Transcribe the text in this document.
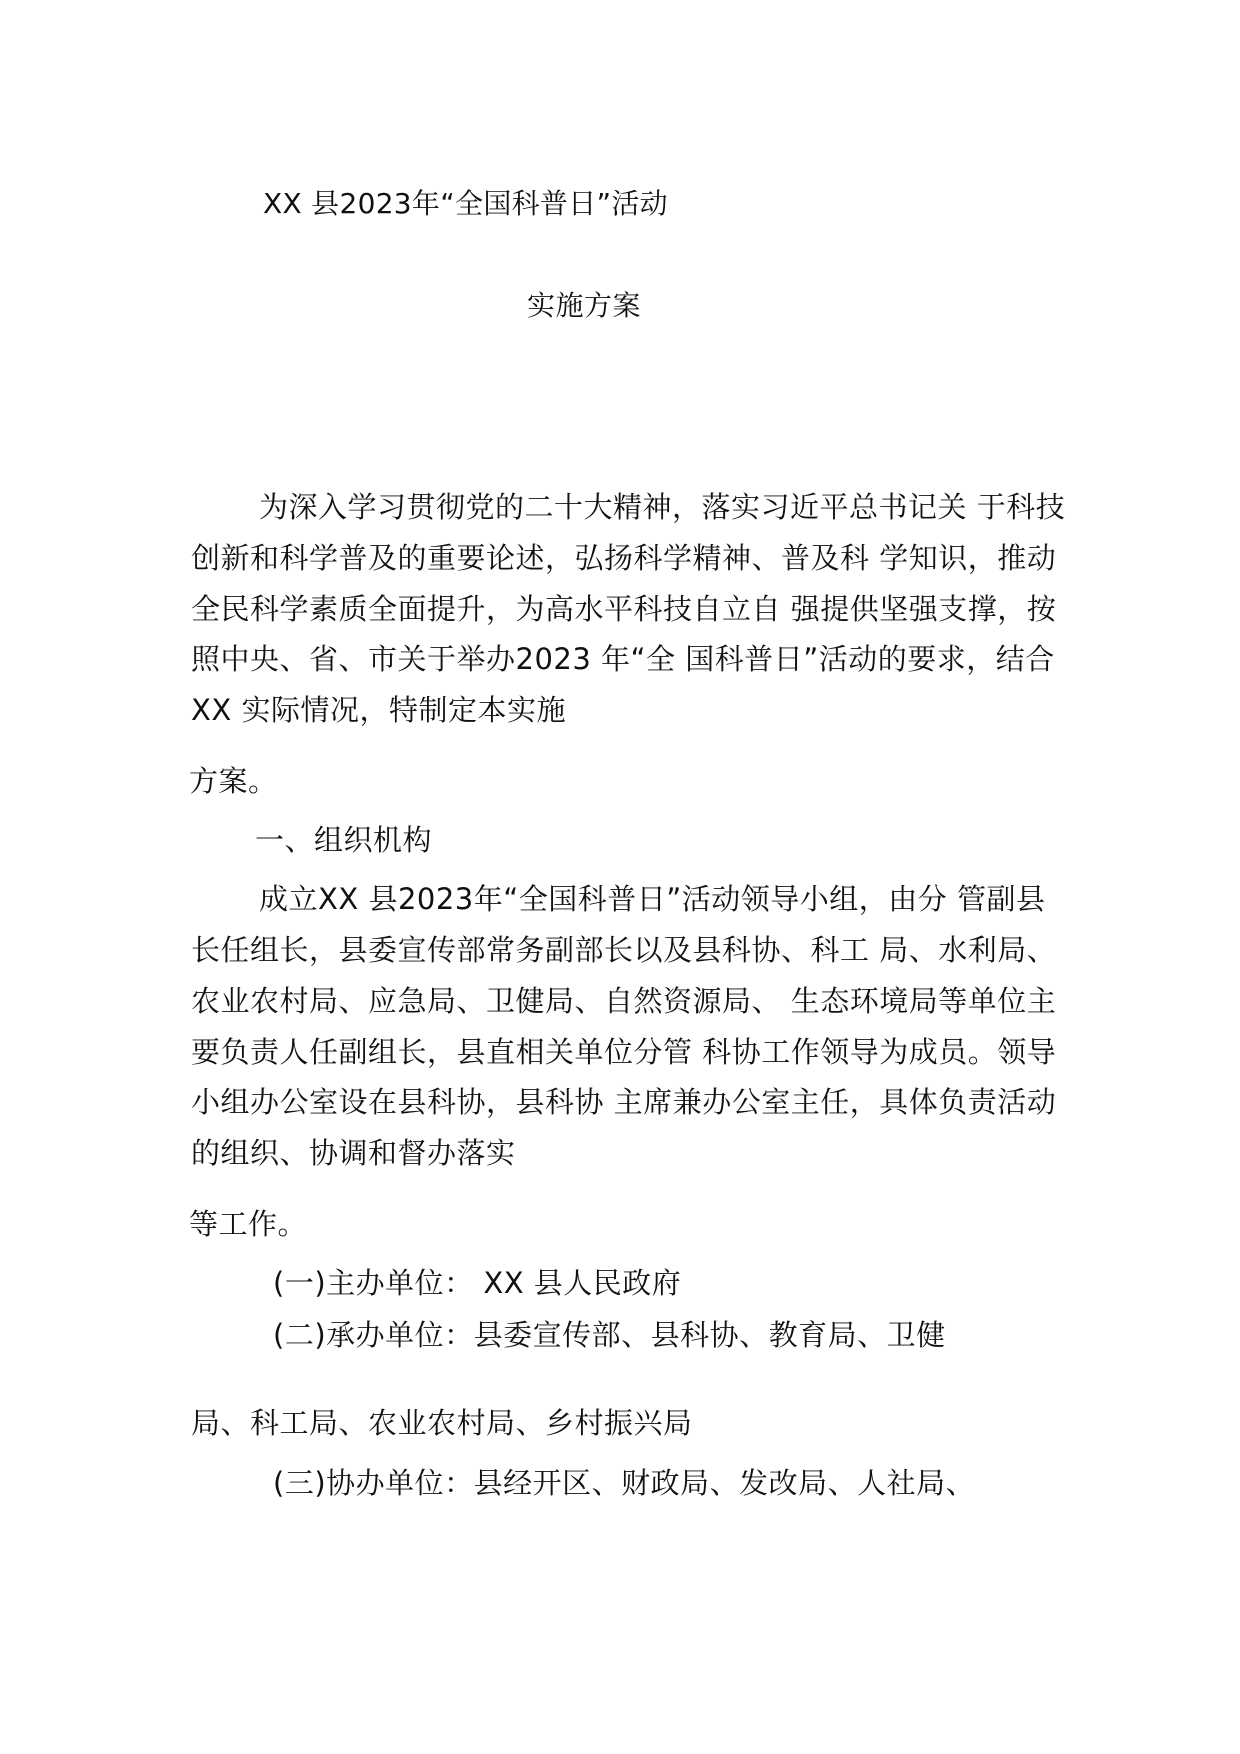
XX 县2023年“全国科普日”活动
实施方案
为深入学习贯彻党的二十大精神，落实习近平总书记关 于科技
创新和科学普及的重要论述，弘扬科学精神、普及科 学知识，推动
全民科学素质全面提升，为高水平科技自立自 强提供坚强支撑，按
照中央、省、市关于举办2023 年“全 国科普日”活动的要求，结合
XX 实际情况，特制定本实施
方案。
一、组织机构
成立XX 县2023年“全国科普日”活动领导小组，由分 管副县
长任组长，县委宣传部常务副部长以及县科协、科工 局、水利局、
农业农村局、应急局、卫健局、自然资源局、 生态环境局等单位主
要负责人任副组长，县直相关单位分管 科协工作领导为成员。领导
小组办公室设在县科协，县科协 主席兼办公室主任，具体负责活动
的组织、协调和督办落实
等工作。
(一)主办单位： XX 县人民政府
(二)承办单位：县委宣传部、县科协、教育局、卫健
局、科工局、农业农村局、乡村振兴局
(三)协办单位：县经开区、财政局、发改局、人社局、
